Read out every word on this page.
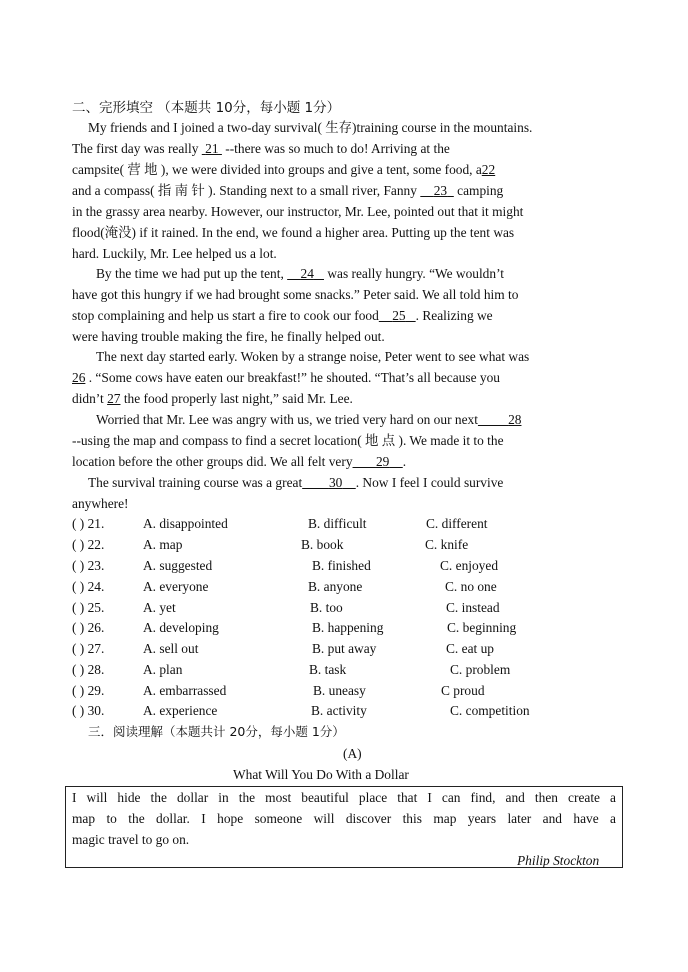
二、完形填空 （本题共 10分，每小题 1分）
My friends and I joined a two-day survival( 生存)training course in the mountains.
The first day was really 21  --there was so much to do! Arriving at the
campsite( 营 地 ), we were divided into groups and give a tent, some food, a22
and a compass( 指 南 针 ). Standing next to a small river, Fanny     23   camping
in the grassy area nearby. However, our instructor, Mr. Lee, pointed out that it might
flood(淹没) if it rained. In the end, we found a higher area. Putting up the tent was
hard. Luckily, Mr. Lee helped us a lot.
By the time we had put up the tent,     24    was really hungry. “We wouldn’t
have got this hungry if we had brought some snacks.” Peter said. We all told him to
stop complaining and help us start a fire to cook our food 25 . Realizing we
were having trouble making the fire, he finally helped out.
The next day started early. Woken by a strange noise, Peter went to see what was
26 . “Some cows have eaten our breakfast!” he shouted. “That’s all because you
didn’t 27 the food properly last night,” said Mr. Lee.
Worried that Mr. Lee was angry with us, we tried very hard on our next 28
--using the map and compass to find a secret location( 地 点 ). We made it to the
location before the other groups did. We all felt very 29 .
The survival training course was a great 30 . Now I feel I could survive
anywhere!
( ) 21.	A. disappointed	B. difficult	C. different
( ) 22.	A. map	B. book	C. knife
( ) 23.	A. suggested	B. finished	C. enjoyed
( ) 24.	A. everyone	B. anyone	C. no one
( ) 25.	A. yet	B. too	C. instead
( ) 26.	A. developing	B. happening	C. beginning
( ) 27.	A. sell out	B. put away	C. eat up
( ) 28.	A. plan	B. task	C. problem
( ) 29.	A. embarrassed	B. uneasy	C proud
( ) 30.	A. experience	B. activity	C. competition
三．阅读理解（本题共计 20分，每小题 1分）
(A)
What Will You Do With a Dollar
I will hide the dollar in the most beautiful place that I can find, and then create a
map to the dollar. I hope someone will discover this map years later and have a
magic travel to go on.
Philip Stockton
